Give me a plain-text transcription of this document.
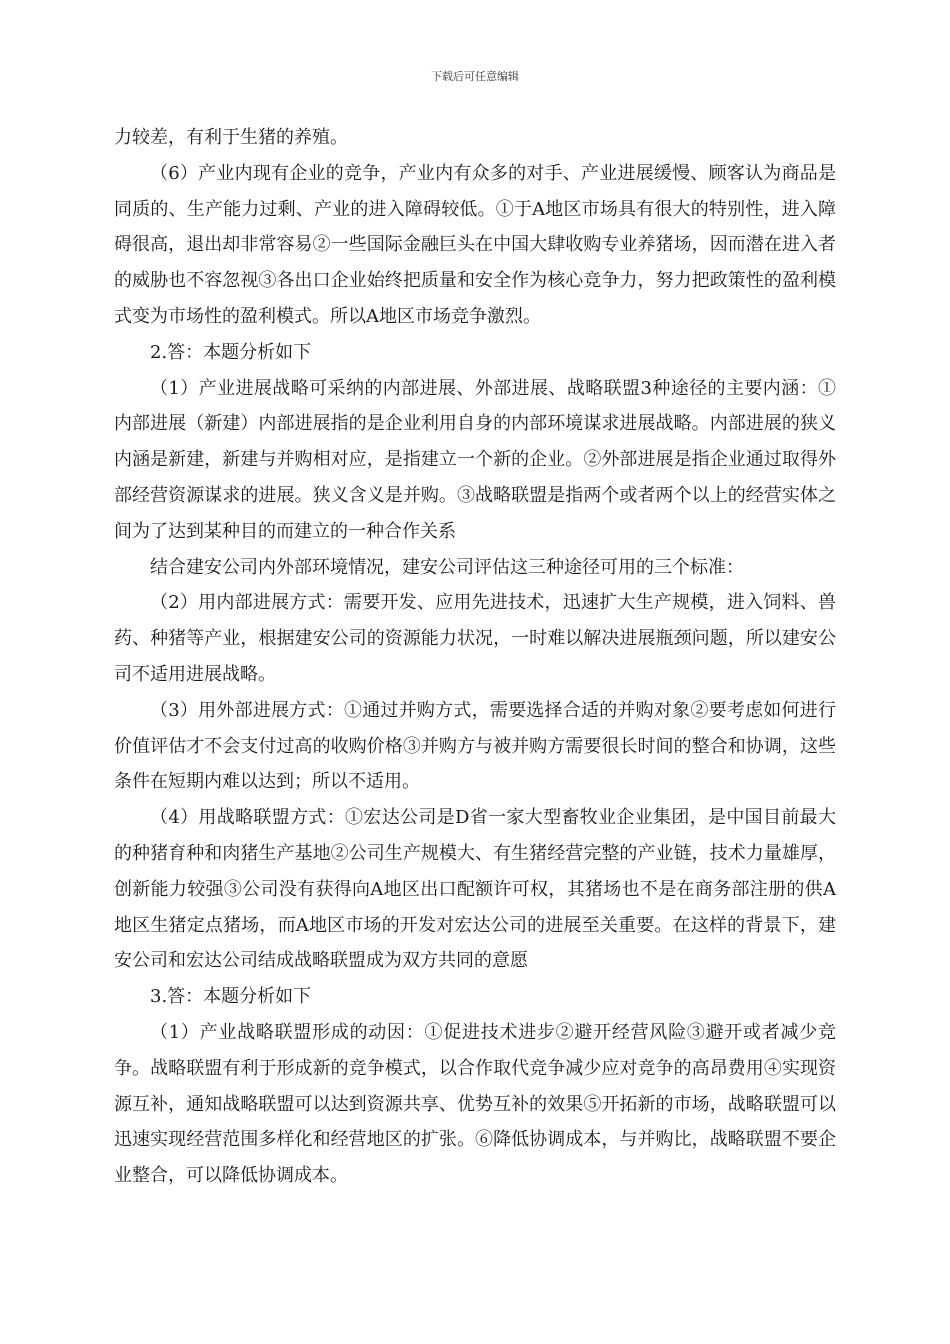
下载后可任意编辑

力较差，有利于生猪的养殖。

（6）产业内现有企业的竞争，产业内有众多的对手、产业进展缓慢、顾客认为商品是同质的、生产能力过剩、产业的进入障碍较低。①于A地区市场具有很大的特别性，进入障碍很高，退出却非常容易②一些国际金融巨头在中国大肆收购专业养猪场，因而潜在进入者的威胁也不容忽视③各出口企业始终把质量和安全作为核心竞争力，努力把政策性的盈利模式变为市场性的盈利模式。所以A地区市场竞争激烈。

2.答：本题分析如下

（1）产业进展战略可采纳的内部进展、外部进展、战略联盟3种途径的主要内涵：①内部进展（新建）内部进展指的是企业利用自身的内部环境谋求进展战略。内部进展的狭义内涵是新建，新建与并购相对应，是指建立一个新的企业。②外部进展是指企业通过取得外部经营资源谋求的进展。狭义含义是并购。③战略联盟是指两个或者两个以上的经营实体之间为了达到某种目的而建立的一种合作关系

结合建安公司内外部环境情况，建安公司评估这三种途径可用的三个标准：

（2）用内部进展方式：需要开发、应用先进技术，迅速扩大生产规模，进入饲料、兽药、种猪等产业，根据建安公司的资源能力状况，一时难以解决进展瓶颈问题，所以建安公司不适用进展战略。

（3）用外部进展方式：①通过并购方式，需要选择合适的并购对象②要考虑如何进行价值评估才不会支付过高的收购价格③并购方与被并购方需要很长时间的整合和协调，这些条件在短期内难以达到；所以不适用。

（4）用战略联盟方式：①宏达公司是D省一家大型畜牧业企业集团，是中国目前最大的种猪育种和肉猪生产基地②公司生产规模大、有生猪经营完整的产业链，技术力量雄厚，创新能力较强③公司没有获得向A地区出口配额许可权，其猪场也不是在商务部注册的供A地区生猪定点猪场，而A地区市场的开发对宏达公司的进展至关重要。在这样的背景下，建安公司和宏达公司结成战略联盟成为双方共同的意愿

3.答：本题分析如下

（1）产业战略联盟形成的动因：①促进技术进步②避开经营风险③避开或者减少竞争。战略联盟有利于形成新的竞争模式，以合作取代竞争减少应对竞争的高昂费用④实现资源互补，通知战略联盟可以达到资源共享、优势互补的效果⑤开拓新的市场，战略联盟可以迅速实现经营范围多样化和经营地区的扩张。⑥降低协调成本，与并购比，战略联盟不要企业整合，可以降低协调成本。
